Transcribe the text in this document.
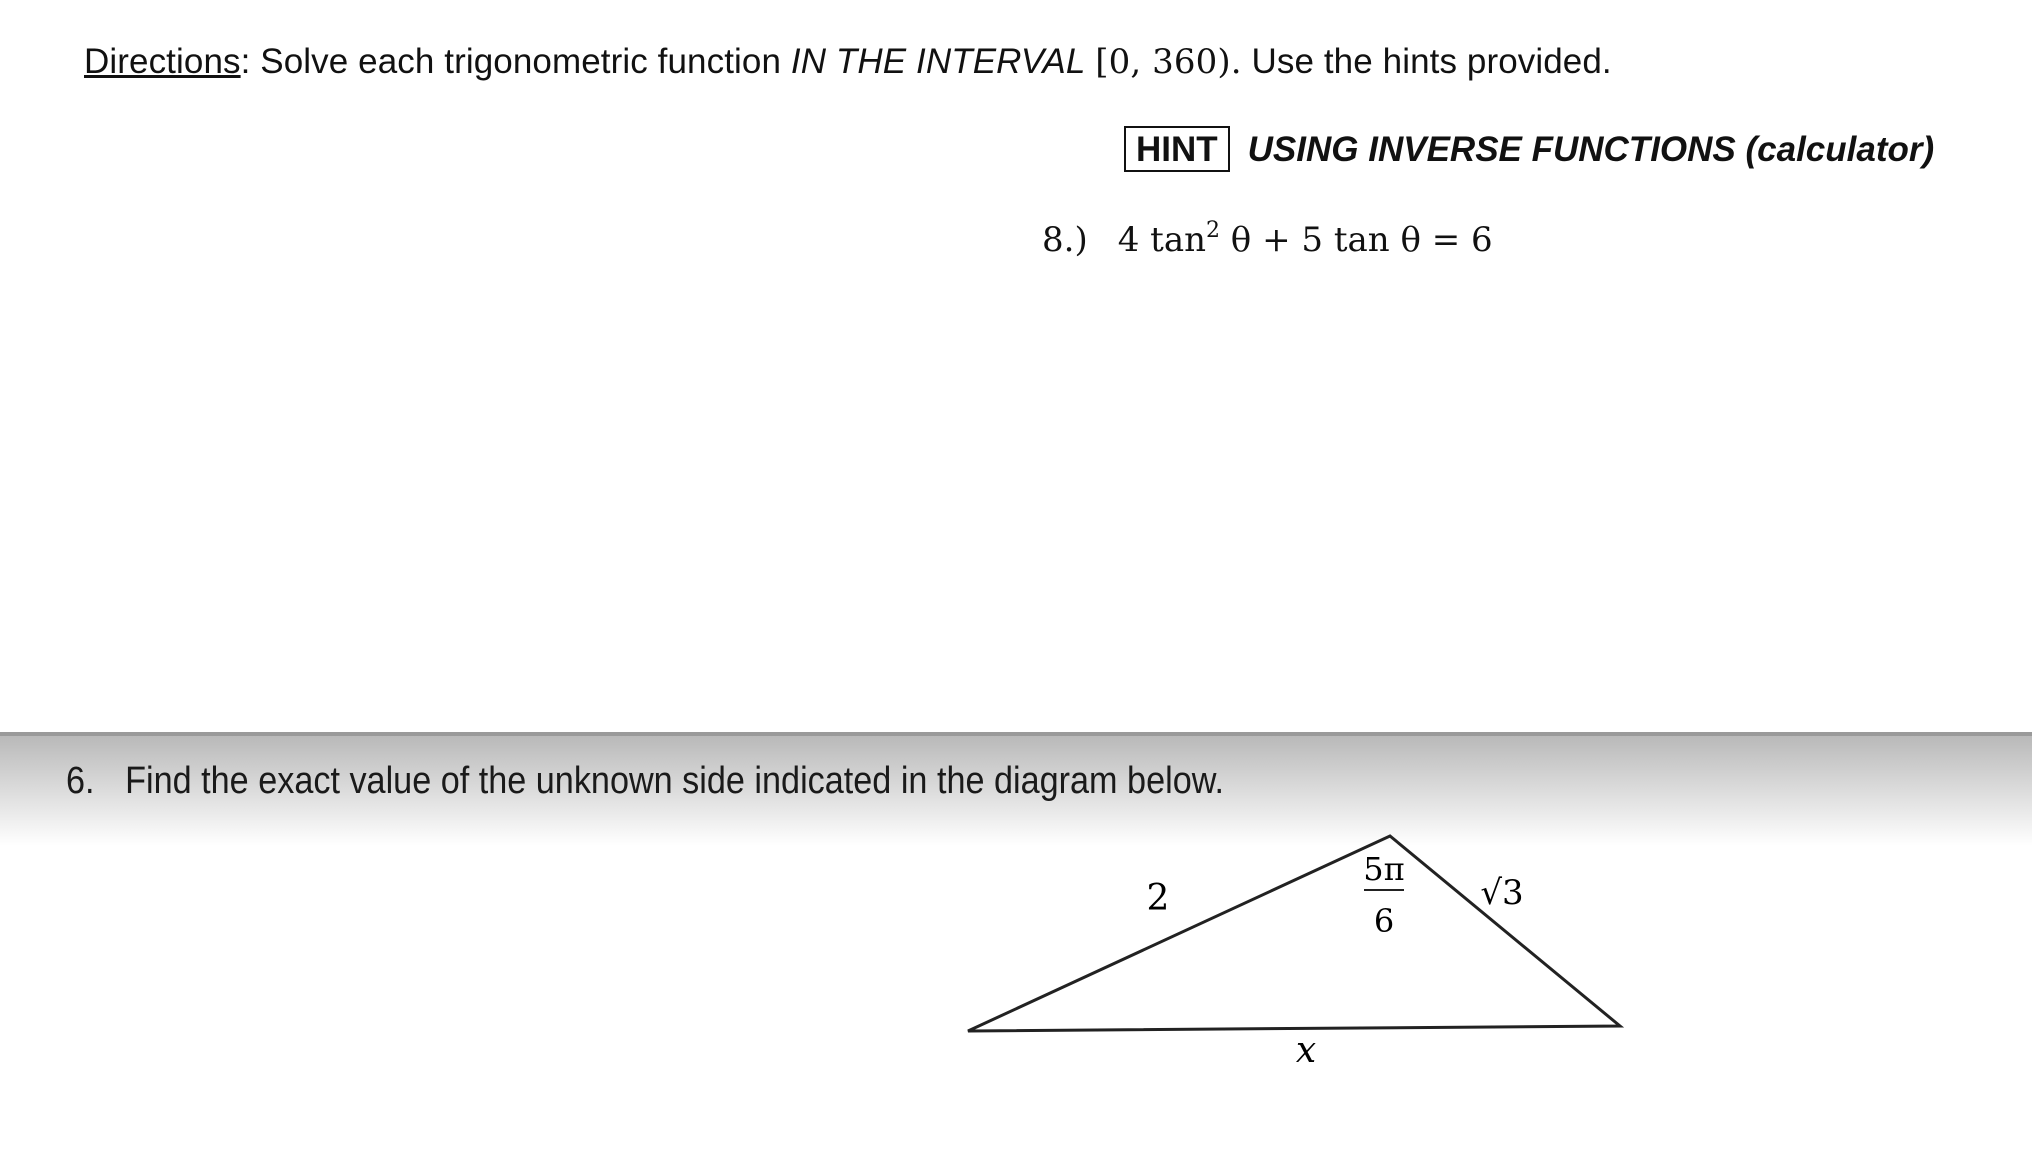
Directions: Solve each trigonometric function IN THE INTERVAL [0, 360). Use the hints provided.
HINT USING INVERSE FUNCTIONS (calculator)
8.) 4 $\tan^2 \theta + 5$ tan θ = 6
6. Find the exact value of the unknown side indicated in the diagram below.
2	√3
5π
6
x
